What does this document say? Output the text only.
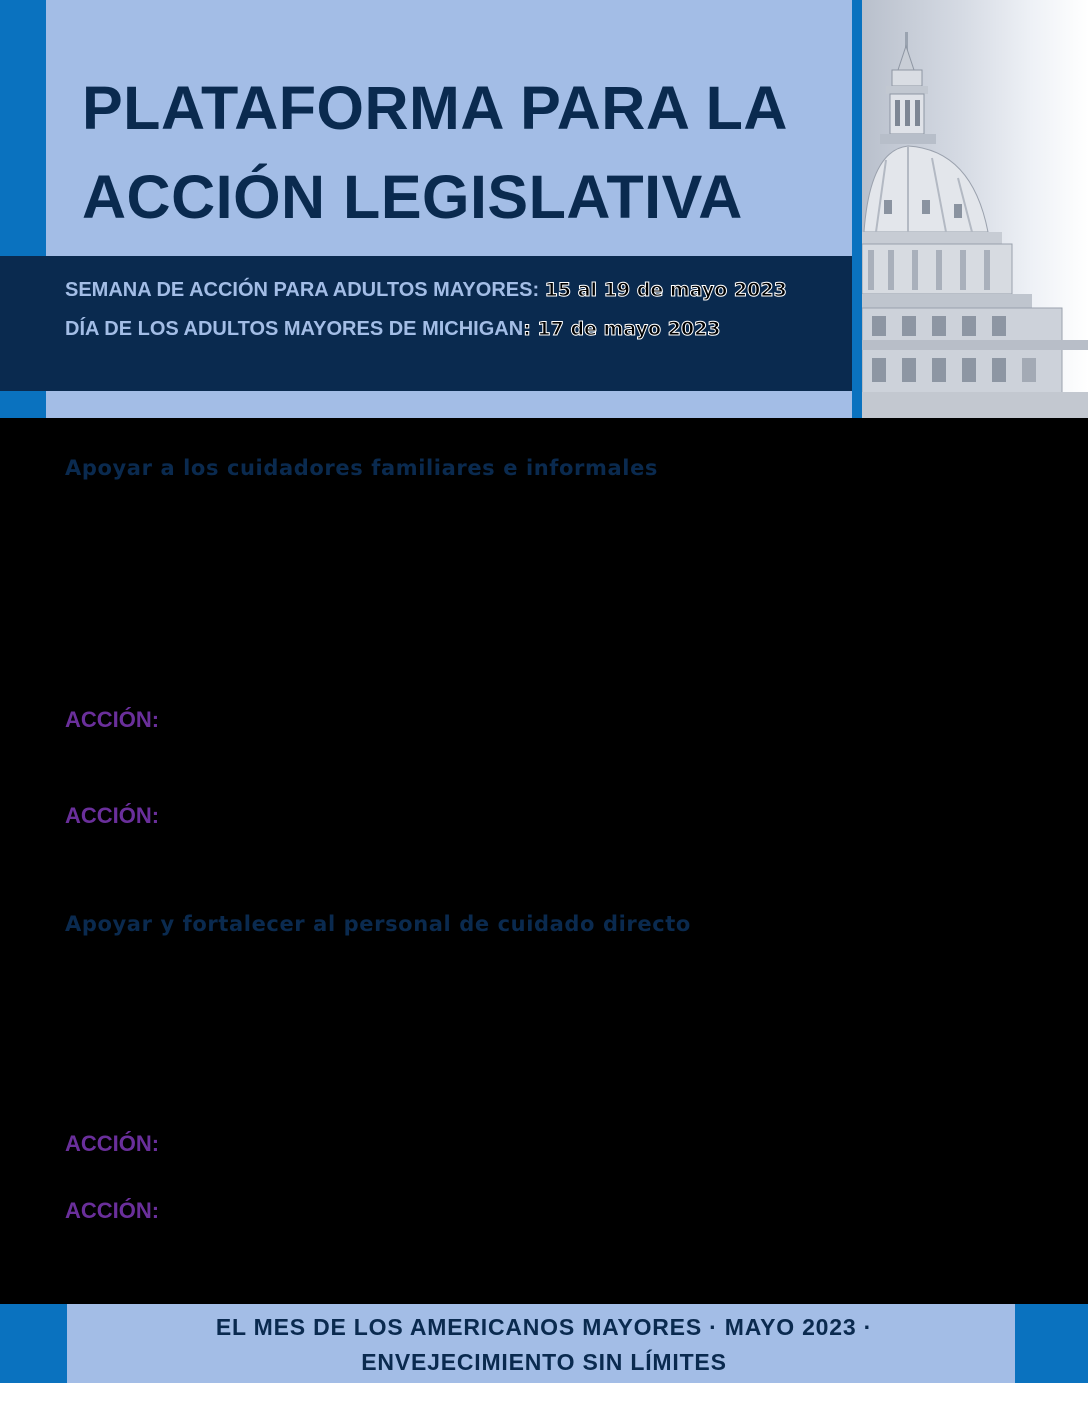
PLATAFORMA PARA LA
ACCIÓN LEGISLATIVA
SEMANA DE ACCIÓN PARA ADULTOS MAYORES: 15 al 19 de mayo 2023
DÍA DE LOS ADULTOS MAYORES DE MICHIGAN: 17 de mayo 2023
Apoyar a los cuidadores familiares e informales
ACCIÓN:
ACCIÓN:
Apoyar y fortalecer al personal de cuidado directo
ACCIÓN:
ACCIÓN:
EL MES DE LOS AMERICANOS MAYORES · MAYO 2023 ·
ENVEJECIMIENTO SIN LÍMITES
